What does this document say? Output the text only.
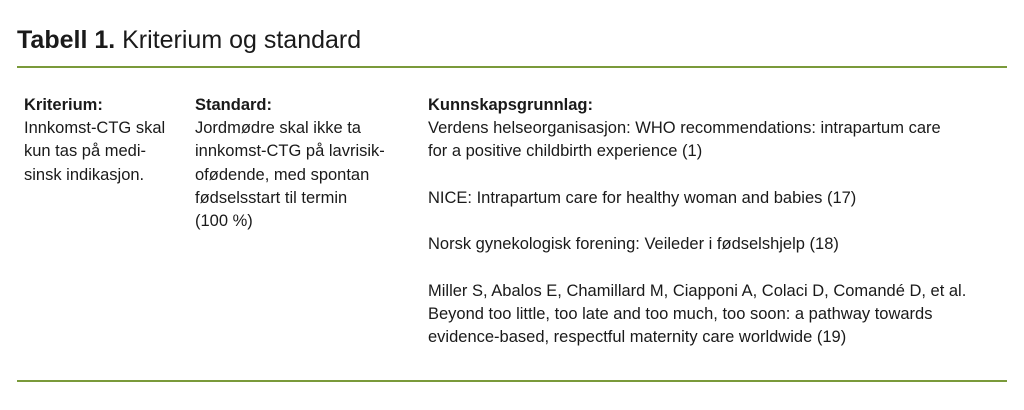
Tabell 1. Kriterium og standard
Kriterium:
Innkomst-CTG skal
kun tas på medi-
sinsk indikasjon.
Standard:
Jordmødre skal ikke ta
innkomst-CTG på lavrisik-
ofødende, med spontan
fødselsstart til termin
(100 %)
Kunnskapsgrunnlag:
Verdens helseorganisasjon: WHO recommendations: intrapartum care
for a positive childbirth experience (1)
NICE: Intrapartum care for healthy woman and babies (17)
Norsk gynekologisk forening: Veileder i fødselshjelp (18)
Miller S, Abalos E, Chamillard M, Ciapponi A, Colaci D, Comandé D, et al.
Beyond too little, too late and too much, too soon: a pathway towards
evidence-based, respectful maternity care worldwide (19)
